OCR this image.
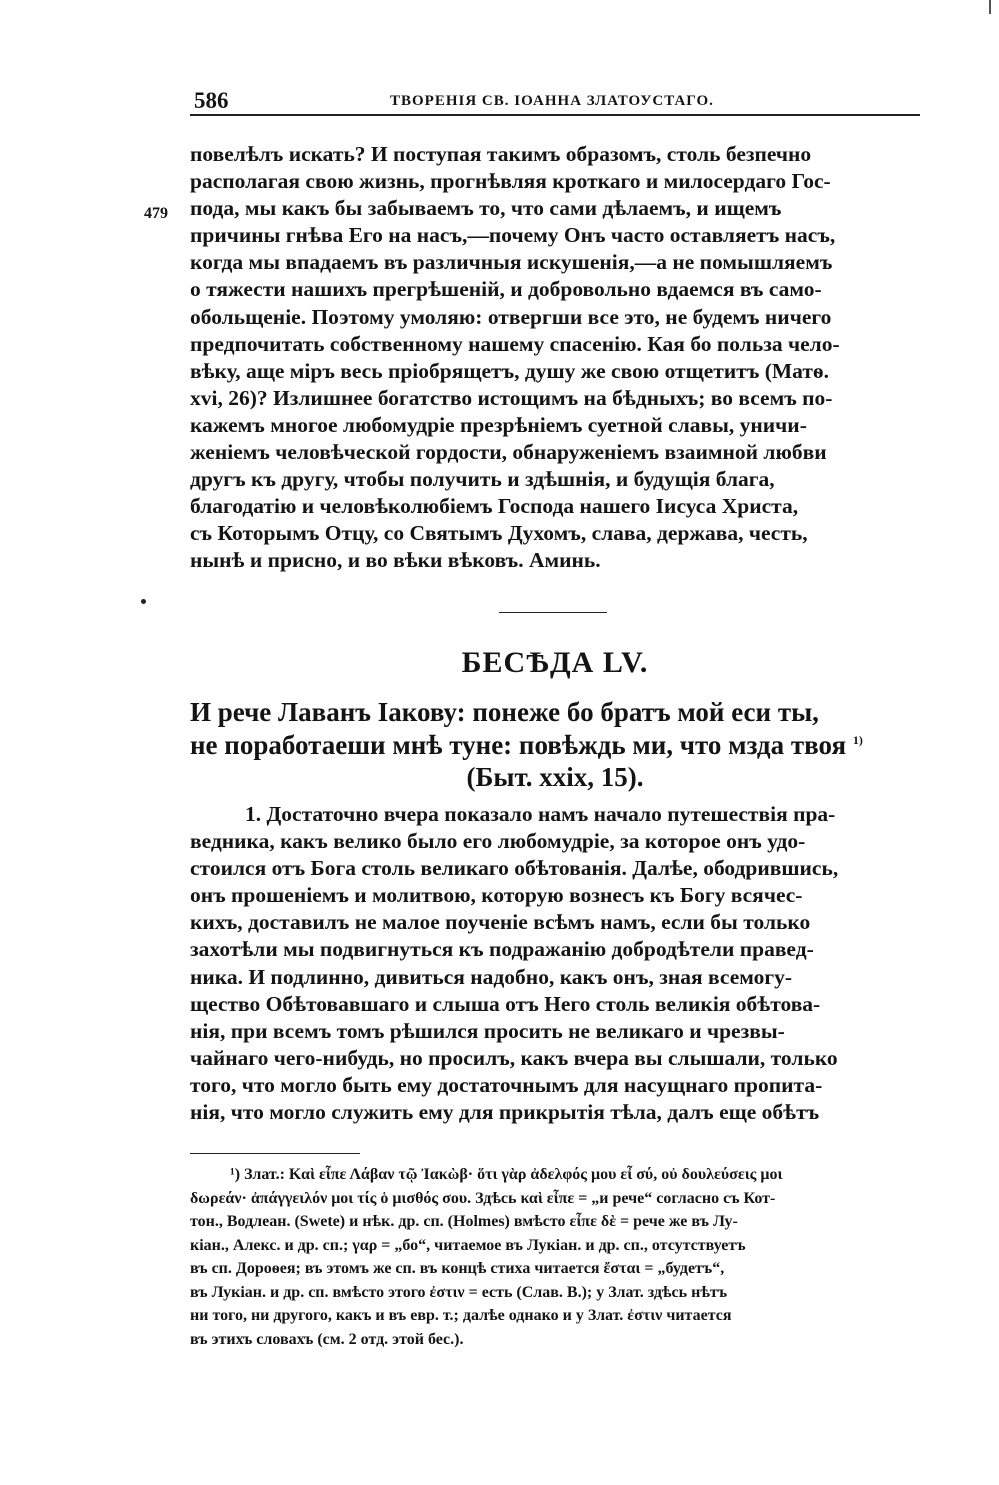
586	ТВОРЕНІЯ СВ. ІОАННА ЗЛАТОУСТАГО.
479
повелѣлъ искать? И поступая такимъ образомъ, столь безпечно
располагая свою жизнь, прогнѣвляя кроткаго и милосердаго Гос-
пода, мы какъ бы забываемъ то, что сами дѣлаемъ, и ищемъ
причины гнѣва Его на насъ,—почему Онъ часто оставляетъ насъ,
когда мы впадаемъ въ различныя искушенія,—а не помышляемъ
о тяжести нашихъ прегрѣшеній, и добровольно вдаемся въ само-
обольщеніе. Поэтому умоляю: отвергши все это, не будемъ ничего
предпочитать собственному нашему спасенію. Кая бо польза чело-
вѣку, аще міръ весь пріобрящетъ, душу же свою отщетитъ (Матѳ.
xvi, 26)? Излишнее богатство истощимъ на бѣдныхъ; во всемъ по-
кажемъ многое любомудріе презрѣніемъ суетной славы, уничи-
женіемъ человѣческой гордости, обнаруженіемъ взаимной любви
другъ къ другу, чтобы получить и здѣшнія, и будущія блага,
благодатію и человѣколюбіемъ Господа нашего Іисуса Христа,
съ Которымъ Отцу, со Святымъ Духомъ, слава, держава, честь,
нынѣ и присно, и во вѣки вѣковъ. Аминь.
БЕСѢДА LV.
И рече Лаванъ Іакову: понеже бо братъ мой еси ты,
не поработаеши мнѣ туне: повѣждь ми, что мзда твоя $^{1)}$
(Быт. xxix, 15).
1. Достаточно вчера показало намъ начало путешествія пра-
ведника, какъ велико было его любомудріе, за которое онъ удо-
стоился отъ Бога столь великаго обѣтованія. Далѣе, ободрившись,
онъ прошеніемъ и молитвою, которую вознесъ къ Богу всячес-
кихъ, доставилъ не малое поученіе всѣмъ намъ, если бы только
захотѣли мы подвигнуться къ подражанію добродѣтели правед-
ника. И подлинно, дивиться надобно, какъ онъ, зная всемогу-
щество Обѣтовавшаго и слыша отъ Него столь великія обѣтова-
нія, при всемъ томъ рѣшился просить не великаго и чрезвы-
чайнаго чего-нибудь, но просилъ, какъ вчера вы слышали, только
того, что могло быть ему достаточнымъ для насущнаго пропита-
нія, что могло служить ему для прикрытія тѣла, далъ еще обѣтъ
¹) Злат.: Καὶ εἶπε Λάβαν τῷ Ἰακὼβ· ὅτι γὰρ ἀδελφός μου εἶ σύ, οὐ δουλεύσεις μοι
δωρεάν· ἀπάγγειλόν μοι τίς ὁ μισθός σου. Здѣсь καὶ εἶπε = „и рече“ согласно съ Кот-
тон., Водлеан. (Swete) и нѣк. др. сп. (Holmes) вмѣсто εἶπε δὲ = рече же въ Лу-
кіан., Алекс. и др. сп.; γαρ = „бо“, читаемое въ Лукіан. и др. сп., отсутствуетъ
въ сп. Дороѳея; въ этомъ же сп. въ концѣ стиха читается ἔσται = „будетъ“,
въ Лукіан. и др. сп. вмѣсто этого ἐστιν = есть (Слав. В.); у Злат. здѣсь нѣтъ
ни того, ни другого, какъ и въ евр. т.; далѣе однако и у Злат. ἐστιν читается
въ этихъ словахъ (см. 2 отд. этой бес.).
